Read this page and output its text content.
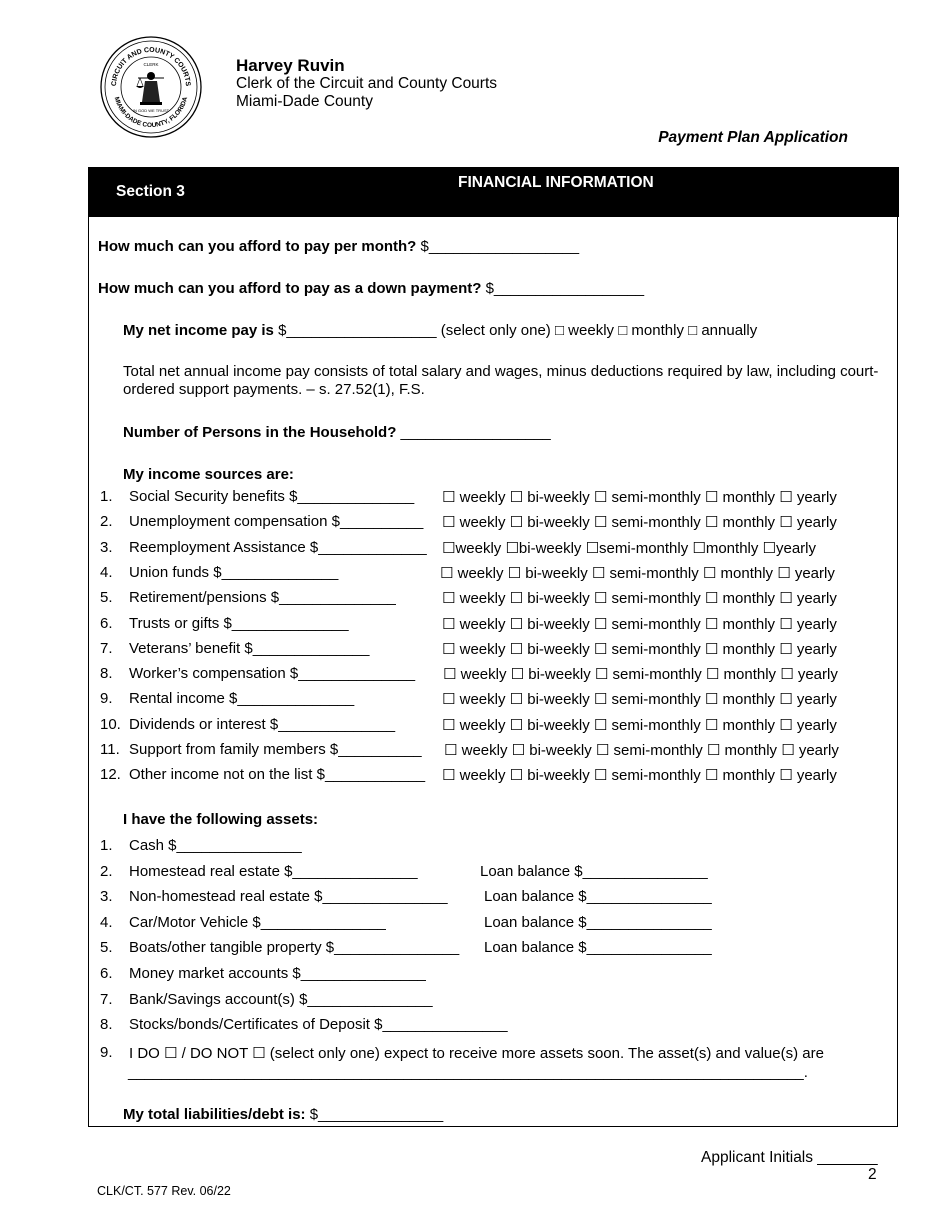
CIRCUIT AND COUNTY COURTS
MIAMI-DADE COUNTY, FLORIDA
CLERK
IN GOD WE TRUST
Harvey Ruvin
Clerk of the Circuit and County Courts
Miami-Dade County
Payment Plan Application
Section 3
FINANCIAL INFORMATION
How much can you afford to pay per month? $__________________
How much can you afford to pay as a down payment? $__________________
My net income pay is $__________________ (select only one) □ weekly □ monthly □ annually
Total net annual income pay consists of total salary and wages, minus deductions required by law, including court-ordered support payments. – s. 27.52(1), F.S.
Number of Persons in the Household? __________________
My income sources are:
1. Social Security benefits $______________ ☐ weekly ☐ bi-weekly ☐ semi-monthly ☐ monthly ☐ yearly
2. Unemployment compensation $__________ ☐ weekly ☐ bi-weekly ☐ semi-monthly ☐ monthly ☐ yearly
3. Reemployment Assistance $_____________ ☐weekly ☐bi-weekly ☐semi-monthly ☐monthly ☐yearly
4. Union funds $______________	☐ weekly ☐ bi-weekly ☐ semi-monthly ☐ monthly ☐ yearly
5. Retirement/pensions $______________	☐ weekly ☐ bi-weekly ☐ semi-monthly ☐ monthly ☐ yearly
6. Trusts or gifts $______________	☐ weekly ☐ bi-weekly ☐ semi-monthly ☐ monthly ☐ yearly
7. Veterans’ benefit $______________	☐ weekly ☐ bi-weekly ☐ semi-monthly ☐ monthly ☐ yearly
8. Worker’s compensation $______________ ☐ weekly ☐ bi-weekly ☐ semi-monthly ☐ monthly ☐ yearly
9. Rental income $______________	☐ weekly ☐ bi-weekly ☐ semi-monthly ☐ monthly ☐ yearly
10. Dividends or interest $______________	☐ weekly ☐ bi-weekly ☐ semi-monthly ☐ monthly ☐ yearly
11. Support from family members $__________ ☐ weekly ☐ bi-weekly ☐ semi-monthly ☐ monthly ☐ yearly
12. Other income not on the list $____________ ☐ weekly ☐ bi-weekly ☐ semi-monthly ☐ monthly ☐ yearly
I have the following assets:
1. Cash $_______________
2. Homestead real estate $_______________	Loan balance $_______________
3. Non-homestead real estate $_______________ Loan balance $_______________
4. Car/Motor Vehicle $_______________	Loan balance $_______________
5. Boats/other tangible property $_______________ Loan balance $_______________
6. Money market accounts $_______________
7. Bank/Savings account(s) $_______________
8. Stocks/bonds/Certificates of Deposit $_______________
9. I DO ☐ / DO NOT ☐ (select only one) expect to receive more assets soon. The asset(s) and value(s) are
_________________________________________________________________________________.
My total liabilities/debt is: $_______________
Applicant Initials _______
2
CLK/CT. 577 Rev. 06/22
